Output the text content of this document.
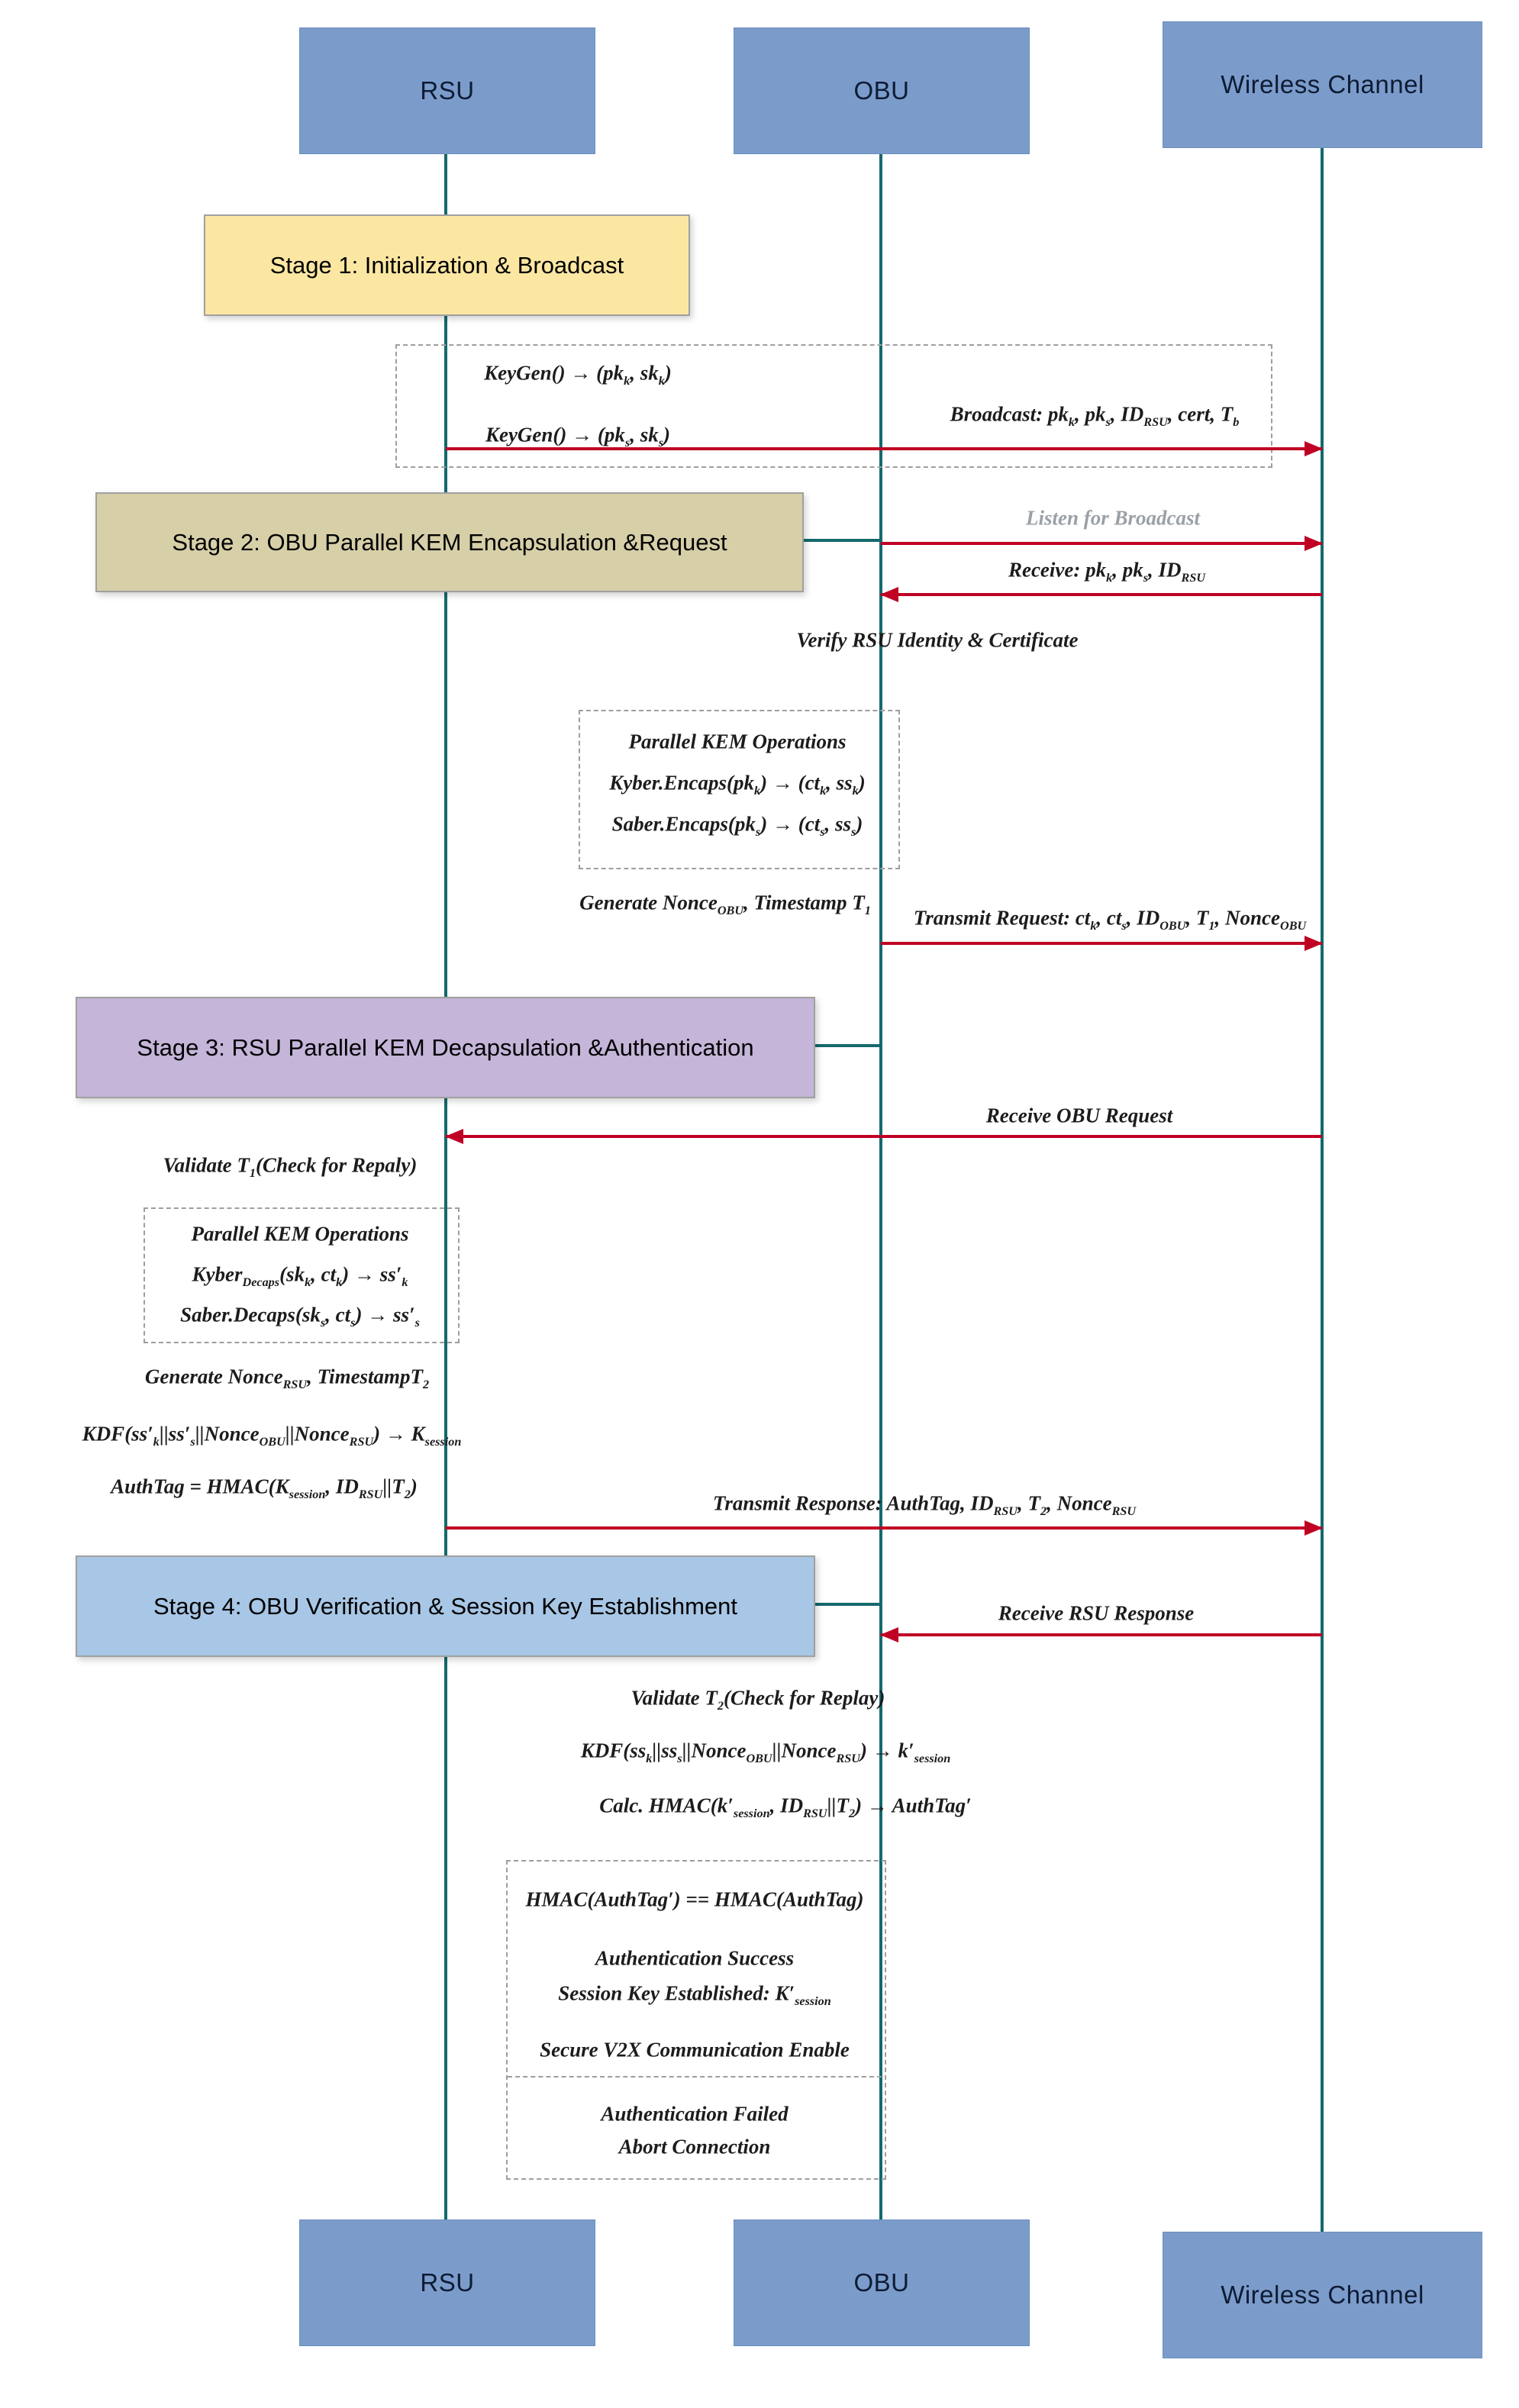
RSU	OBU	Wireless Channel
Stage 1: Initialization & Broadcast
Stage 2: OBU Parallel KEM Encapsulation &Request
Stage 3: RSU Parallel KEM Decapsulation &Authentication
Stage 4: OBU Verification & Session Key Establishment
KeyGen() → ($pk_k$, $sk_k$)
KeyGen() → ($pk_s$, $sk_s$)
Broadcast: $pk_k$, $pk_s$, $ID_{RSU}$, cert, $T_b$
Listen for Broadcast
Receive: $pk_k$, $pk_s$, $ID_{RSU}$
Verify RSU Identity & Certificate
Parallel KEM Operations
$Kyber.Encaps(pk_k) \to (ct_k$, $ss_k$)
$Saber.Encaps(pk_s) \to (ct_s$, $ss_s$)
Generate Nonce$_{OBU}$, Timestamp $T_1$ Transmit Request: $ct_k$, $ct_s$, $ID_{OBU}$, $T_1$, Nonce$_{OBU}$
Receive OBU Request
Validate $T_1(Check$ for Repaly)
Parallel KEM Operations
$Kyber_{Decaps}(sk_k$, $ct_k) \to ss'_k$
$Saber.Decaps(sk_s$, $ct_s) \to ss'_s$
Generate Nonce$_{RSU}$, TimestampT$_2$
$KDF(ss'_k||ss'_s||Nonce_{OBU}||Nonce_{RSU}) \to K_{session}$
AuthTag = $HMAC(K_{session}$, $ID_{RSU}||T_2$)
Transmit Response: AuthTag, $ID_{RSU}$, $T_2$, Nonce$_{RSU}$
Receive RSU Response
Validate $T_2(Check$ for Replay)
$KDF(ss_k||ss_s||Nonce_{OBU}||Nonce_{RSU}) \to k'_{session}$
Calc. $HMAC(k'_{session}$, $ID_{RSU}||T_2$) → AuthTag′
HMAC(AuthTag′) == HMAC(AuthTag)
Authentication Success
Session Key Established: $K'_{session}$
Secure V2X Communication Enable
Authentication Failed
Abort Connection
RSU	OBU	Wireless Channel
